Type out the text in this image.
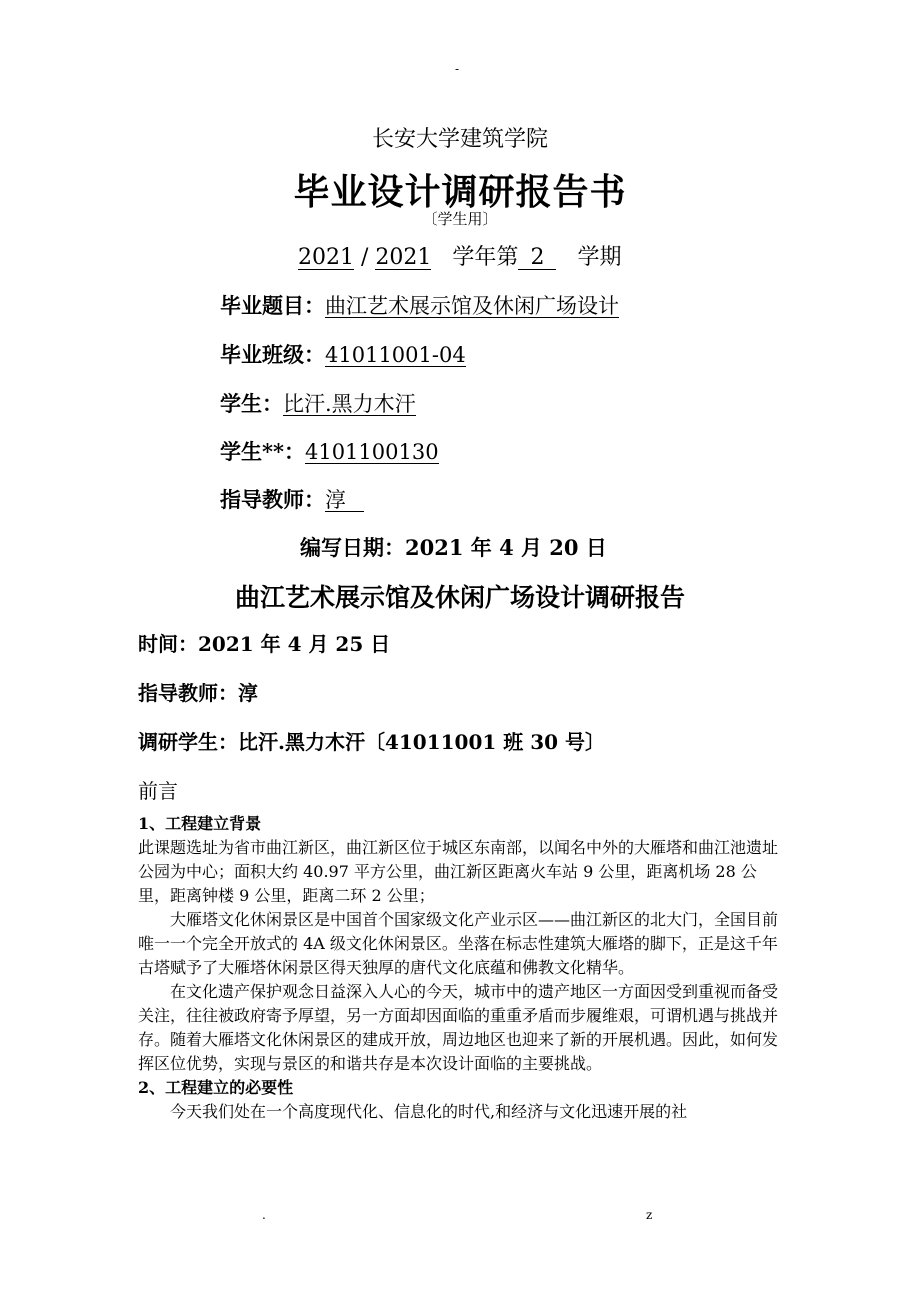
-
长安大学建筑学院
毕业设计调研报告书
〔学生用〕
2021 / 2021 学年第 2 学期
毕业题目：曲江艺术展示馆及休闲广场设计
毕业班级：41011001-04
学生：比汗.黑力木汗
学生**：4101100130
指导教师：淳
编写日期：2021 年 4 月 20 日
曲江艺术展示馆及休闲广场设计调研报告
时间：2021 年 4 月 25 日
指导教师：淳
调研学生：比汗.黑力木汗〔41011001 班 30 号〕
前言

1、工程建立背景

此课题选址为省市曲江新区，曲江新区位于城区东南部，以闻名中外的大雁塔和曲江池遗址公园为中心；面积大约 40.97 平方公里，曲江新区距离火车站 9 公里，距离机场 28 公里，距离钟楼 9 公里，距离二环 2 公里；

大雁塔文化休闲景区是中国首个国家级文化产业示区——曲江新区的北大门，全国目前唯一一个完全开放式的 4A 级文化休闲景区。坐落在标志性建筑大雁塔的脚下，正是这千年古塔赋予了大雁塔休闲景区得天独厚的唐代文化底蕴和佛教文化精华。

在文化遗产保护观念日益深入人心的今天，城市中的遗产地区一方面因受到重视而备受关注，往往被政府寄予厚望，另一方面却因面临的重重矛盾而步履维艰，可谓机遇与挑战并存。随着大雁塔文化休闲景区的建成开放，周边地区也迎来了新的开展机遇。因此，如何发挥区位优势，实现与景区的和谐共存是本次设计面临的主要挑战。

2、工程建立的必要性

今天我们处在一个高度现代化、信息化的时代,和经济与文化迅速开展的社

.	z
